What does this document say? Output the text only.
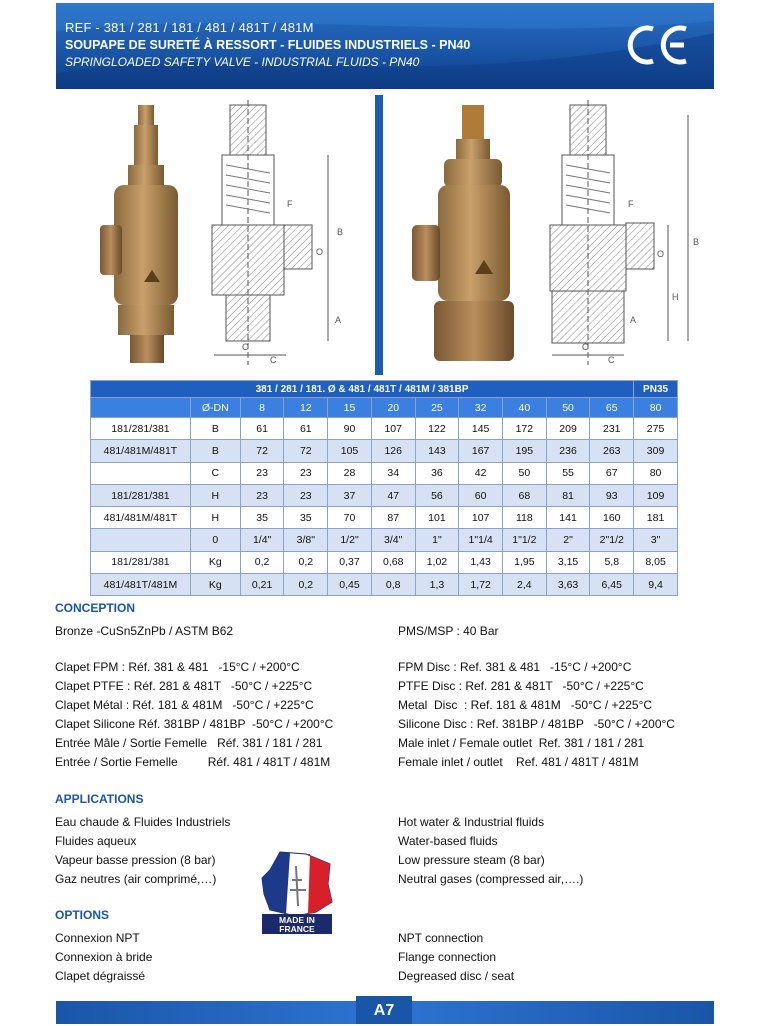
REF - 381 / 281 / 181 / 481 / 481T / 481M
SOUPAPE DE SURETÉ À RESSORT - FLUIDES INDUSTRIELS - PN40
SPRINGLOADED SAFETY VALVE - INDUSTRIAL FLUIDS - PN40
F
B
O
A
O
C
F
B
O
H
A
O
C
381 / 281 / 181. Ø & 481 / 481T / 481M / 381BP											PN35
	Ø-DN	8	12	15	20	25	32	40	50	65	80
181/281/381	B	61	61	90	107	122	145	172	209	231	275
481/481M/481T	B	72	72	105	126	143	167	195	236	263	309
	C	23	23	28	34	36	42	50	55	67	80
181/281/381	H	23	23	37	47	56	60	68	81	93	109
481/481M/481T	H	35	35	70	87	101	107	118	141	160	181
	0	1/4"	3/8"	1/2"	3/4"	1"	1"1/4	1"1/2	2"	2"1/2	3"
181/281/381	Kg	0,2	0,2	0,37	0,68	1,02	1,43	1,95	3,15	5,8	8,05
481/481T/481M	Kg	0,21	0,2	0,45	0,8	1,3	1,72	2,4	3,63	6,45	9,4
CONCEPTION
Bronze -CuSn5ZnPb / ASTM B62	PMS/MSP : 40 Bar
Clapet FPM : Réf. 381 & 481   -15°C / +200°C
Clapet PTFE : Réf. 281 & 481T   -50°C / +225°C
Clapet Métal : Réf. 181 & 481M   -50°C / +225°C
Clapet Silicone Réf. 381BP / 481BP  -50°C / +200°C
Entrée Mâle / Sortie Femelle   Réf. 381 / 181 / 281
Entrée / Sortie Femelle         Réf. 481 / 481T / 481M
FPM Disc : Ref. 381 & 481   -15°C / +200°C
PTFE Disc : Ref. 281 & 481T   -50°C / +225°C
Metal  Disc  : Ref. 181 & 481M   -50°C / +225°C
Silicone Disc : Ref. 381BP / 481BP   -50°C / +200°C
Male inlet / Female outlet  Ref. 381 / 181 / 281
Female inlet / outlet    Ref. 481 / 481T / 481M
APPLICATIONS
Eau chaude & Fluides Industriels
Fluides aqueux
Vapeur basse pression (8 bar)
Gaz neutres (air comprimé,…)
Hot water & Industrial fluids
Water-based fluids
Low pressure steam (8 bar)
Neutral gases (compressed air,….)
OPTIONS
Connexion NPT
Connexion à bride
Clapet dégraissé
NPT connection
Flange connection
Degreased disc / seat
MADE IN
FRANCE
A7
